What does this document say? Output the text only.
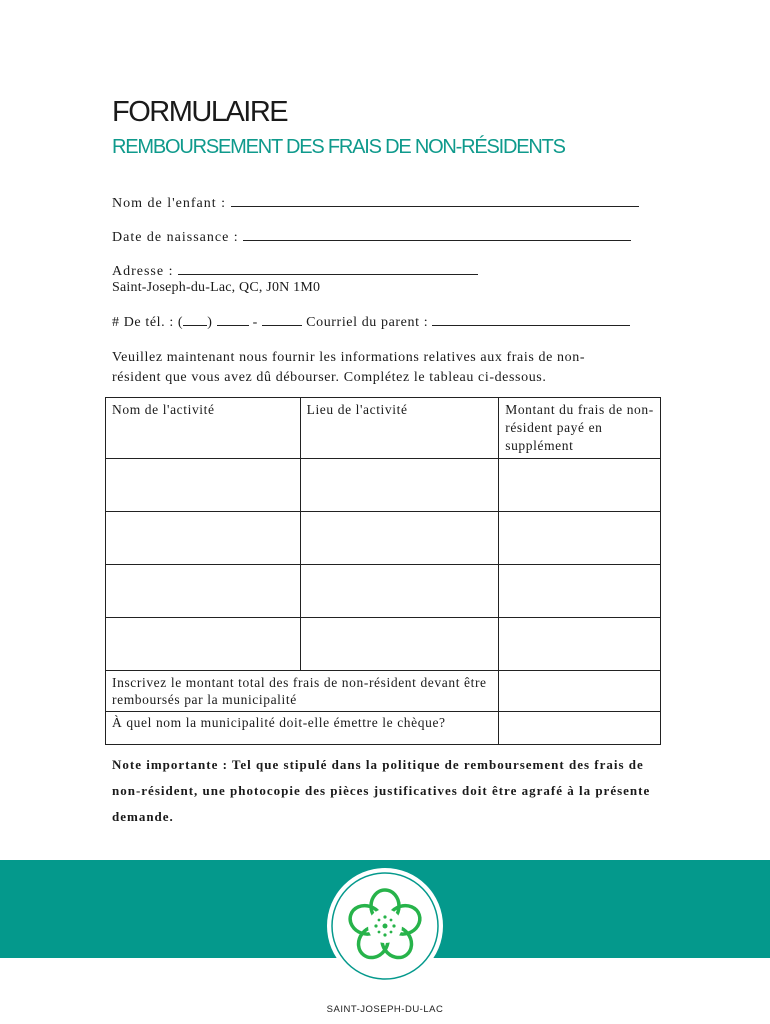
FORMULAIRE
REMBOURSEMENT DES FRAIS DE NON-RÉSIDENTS
Nom de l'enfant :
Date de naissance :
Adresse :
Saint-Joseph-du-Lac, QC, J0N 1M0
# De tél. : ( )	-	Courriel du parent :

Veuillez maintenant nous fournir les informations relatives aux frais de non-
résident que vous avez dû débourser. Complétez le tableau ci-dessous.

Nom de l'activité	Lieu de l'activité	Montant du frais de non-résident payé en supplément

Inscrivez le montant total des frais de non-résident devant être remboursés par la municipalité		
À quel nom la municipalité doit-elle émettre le chèque?		

Note importante : Tel que stipulé dans la politique de remboursement des frais de non-résident, une photocopie des pièces justificatives doit être agrafé à la présente demande.

SAINT-JOSEPH-DU-LAC
